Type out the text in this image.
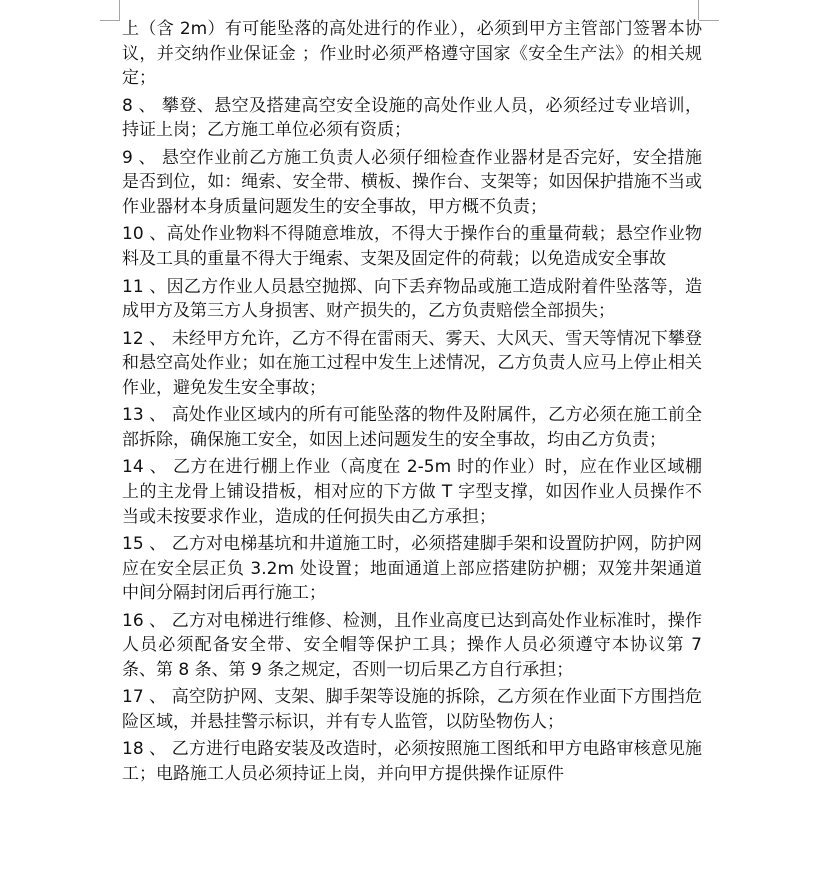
上（含 2m）有可能坠落的高处进行的作业），必须到甲方主管部门签署本协议，并交纳作业保证金 ；作业时必须严格遵守国家《安全生产法》的相关规定；

8 、 攀登、悬空及搭建高空安全设施的高处作业人员，必须经过专业培训，持证上岗；乙方施工单位必须有资质；

9 、 悬空作业前乙方施工负责人必须仔细检查作业器材是否完好，安全措施是否到位，如：绳索、安全带、横板、操作台、支架等；如因保护措施不当或作业器材本身质量问题发生的安全事故，甲方概不负责；

10 、高处作业物料不得随意堆放，不得大于操作台的重量荷载；悬空作业物料及工具的重量不得大于绳索、支架及固定件的荷载；以免造成安全事故

11 、因乙方作业人员悬空抛掷、向下丢弃物品或施工造成附着件坠落等，造成甲方及第三方人身损害、财产损失的，乙方负责赔偿全部损失；

12 、 未经甲方允许，乙方不得在雷雨天、雾天、大风天、雪天等情况下攀登和悬空高处作业；如在施工过程中发生上述情况，乙方负责人应马上停止相关作业，避免发生安全事故；

13 、 高处作业区域内的所有可能坠落的物件及附属件，乙方必须在施工前全部拆除，确保施工安全，如因上述问题发生的安全事故，均由乙方负责；

14 、 乙方在进行棚上作业（高度在 2-5m 时的作业）时，应在作业区域棚上的主龙骨上铺设措板，相对应的下方做 T 字型支撑，如因作业人员操作不当或未按要求作业，造成的任何损失由乙方承担；

15 、 乙方对电梯基坑和井道施工时，必须搭建脚手架和设置防护网，防护网应在安全层正负 3.2m 处设置；地面通道上部应搭建防护棚；双笼井架通道中间分隔封闭后再行施工；

16 、 乙方对电梯进行维修、检测，且作业高度已达到高处作业标准时，操作人员必须配备安全带、安全帽等保护工具；操作人员必须遵守本协议第 7 条、第 8 条、第 9 条之规定，否则一切后果乙方自行承担；

17 、 高空防护网、支架、脚手架等设施的拆除，乙方须在作业面下方围挡危险区域，并悬挂警示标识，并有专人监管，以防坠物伤人；

18 、 乙方进行电路安装及改造时，必须按照施工图纸和甲方电路审核意见施工；电路施工人员必须持证上岗，并向甲方提供操作证原件
